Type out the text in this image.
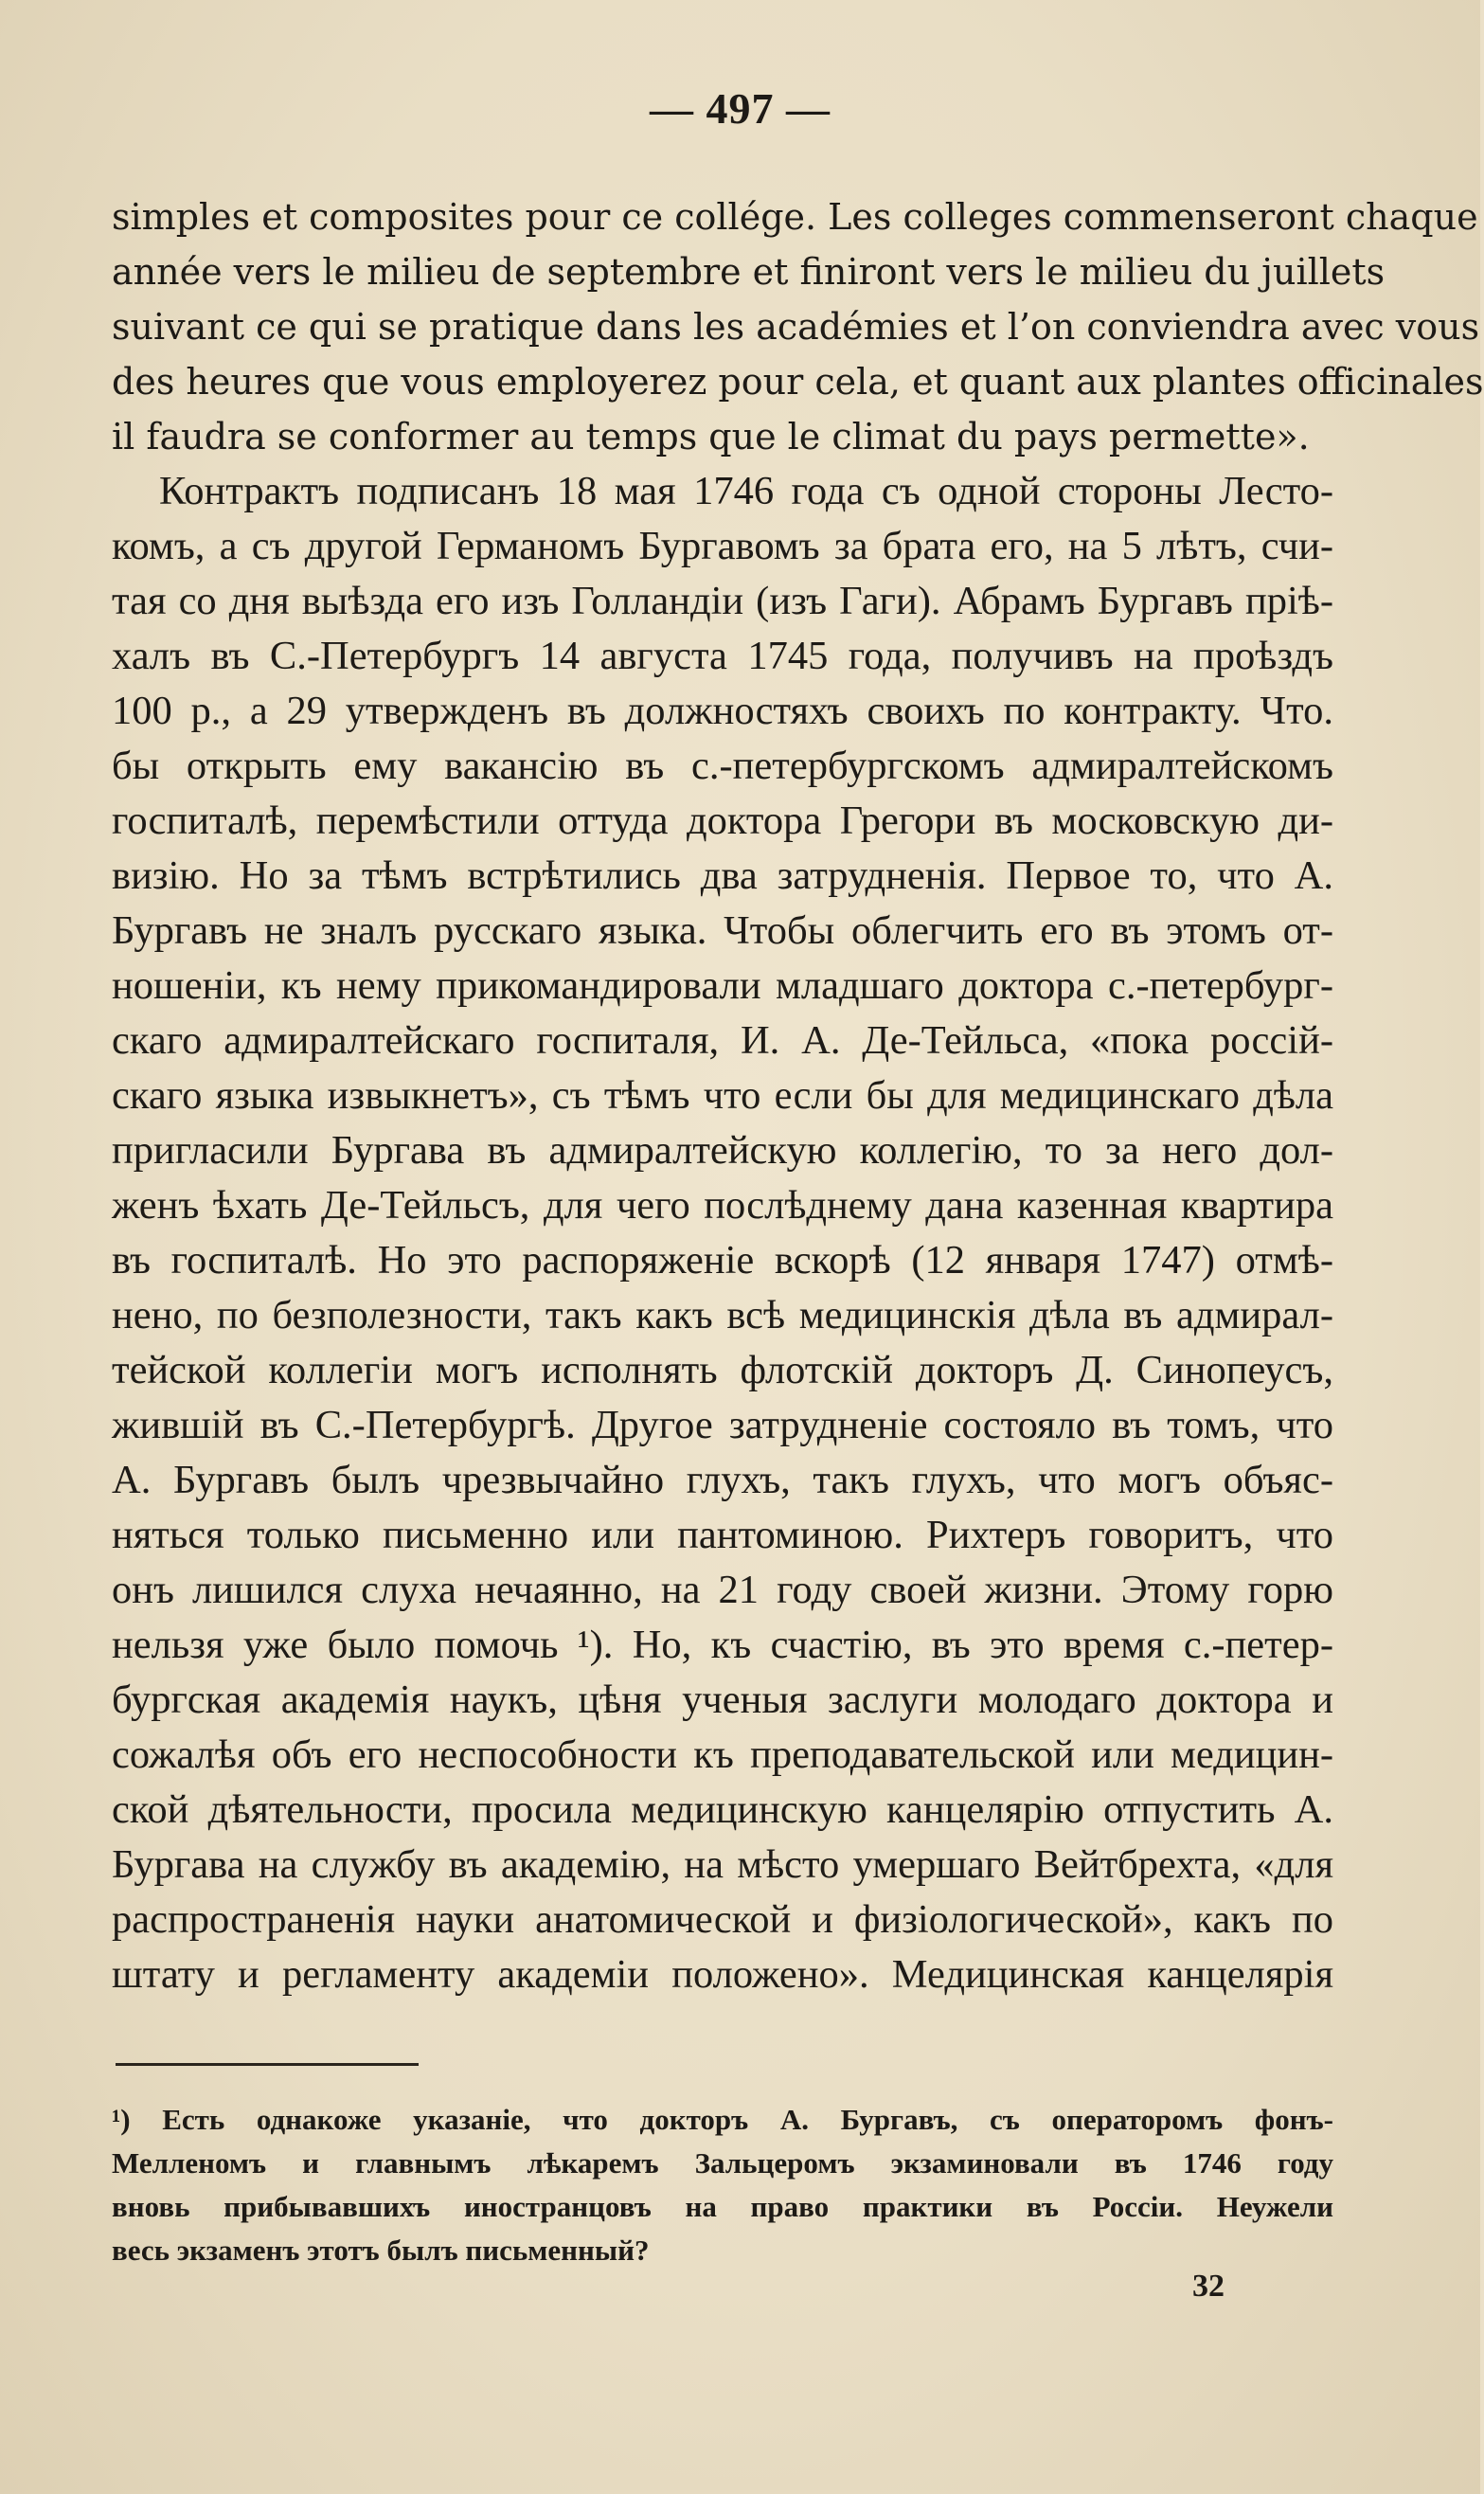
— 497 —
simples et composites pour ce collége. Les colleges commenseront chaque
année vers le milieu de septembre et finiront vers le milieu du juillets
suivant ce qui se pratique dans les académies et l’on conviendra avec vous
des heures que vous employerez pour cela, et quant aux plantes officinales
il faudra se conformer au temps que le climat du pays permette».
Контрактъ подписанъ 18 мая 1746 года съ одной стороны Лесто-
комъ, а съ другой Германомъ Бургавомъ за брата его, на 5 лѣтъ, счи-
тая со дня выѣзда его изъ Голландіи (изъ Гаги). Абрамъ Бургавъ пріѣ-
халъ въ С.-Петербургъ 14 августа 1745 года, получивъ на проѣздъ
100 р., а 29 утвержденъ въ должностяхъ своихъ по контракту. Что.
бы открыть ему вакансію въ с.-петербургскомъ адмиралтейскомъ
госпиталѣ, перемѣстили оттуда доктора Грегори въ московскую ди-
визію. Но за тѣмъ встрѣтились два затрудненія. Первое то, что А.
Бургавъ не зналъ русскаго языка. Чтобы облегчить его въ этомъ от-
ношеніи, къ нему прикомандировали младшаго доктора с.-петербург-
скаго адмиралтейскаго госпиталя, И. А. Де-Тейльса, «пока россій-
скаго языка извыкнетъ», съ тѣмъ что если бы для медицинскаго дѣла
пригласили Бургава въ адмиралтейскую коллегію, то за него дол-
женъ ѣхать Де-Тейльсъ, для чего послѣднему дана казенная квартира
въ госпиталѣ. Но это распоряженіе вскорѣ (12 января 1747) отмѣ-
нено, по безполезности, такъ какъ всѣ медицинскія дѣла въ адмирал-
тейской коллегіи могъ исполнять флотскій докторъ Д. Синопеусъ,
жившій въ С.-Петербургѣ. Другое затрудненіе состояло въ томъ, что
А. Бургавъ былъ чрезвычайно глухъ, такъ глухъ, что могъ объяс-
няться только письменно или пантоминою. Рихтеръ говоритъ, что
онъ лишился слуха нечаянно, на 21 году своей жизни. Этому горю
нельзя уже было помочь ¹). Но, къ счастію, въ это время с.-петер-
бургская академія наукъ, цѣня ученыя заслуги молодаго доктора и
сожалѣя объ его неспособности къ преподавательской или медицин-
ской дѣятельности, просила медицинскую канцелярію отпустить А.
Бургава на службу въ академію, на мѣсто умершаго Вейтбрехта, «для
распространенія науки анатомической и физіологической», какъ по
штату и регламенту академіи положено». Медицинская канцелярія
¹) Есть однакоже указаніе, что докторъ А. Бургавъ, съ операторомъ фонъ-
Мелленомъ и главнымъ лѣкаремъ Зальцеромъ экзаминовали въ 1746 году
вновь прибывавшихъ иностранцовъ на право практики въ Россіи. Неужели
весь экзаменъ этотъ былъ письменный?
32
